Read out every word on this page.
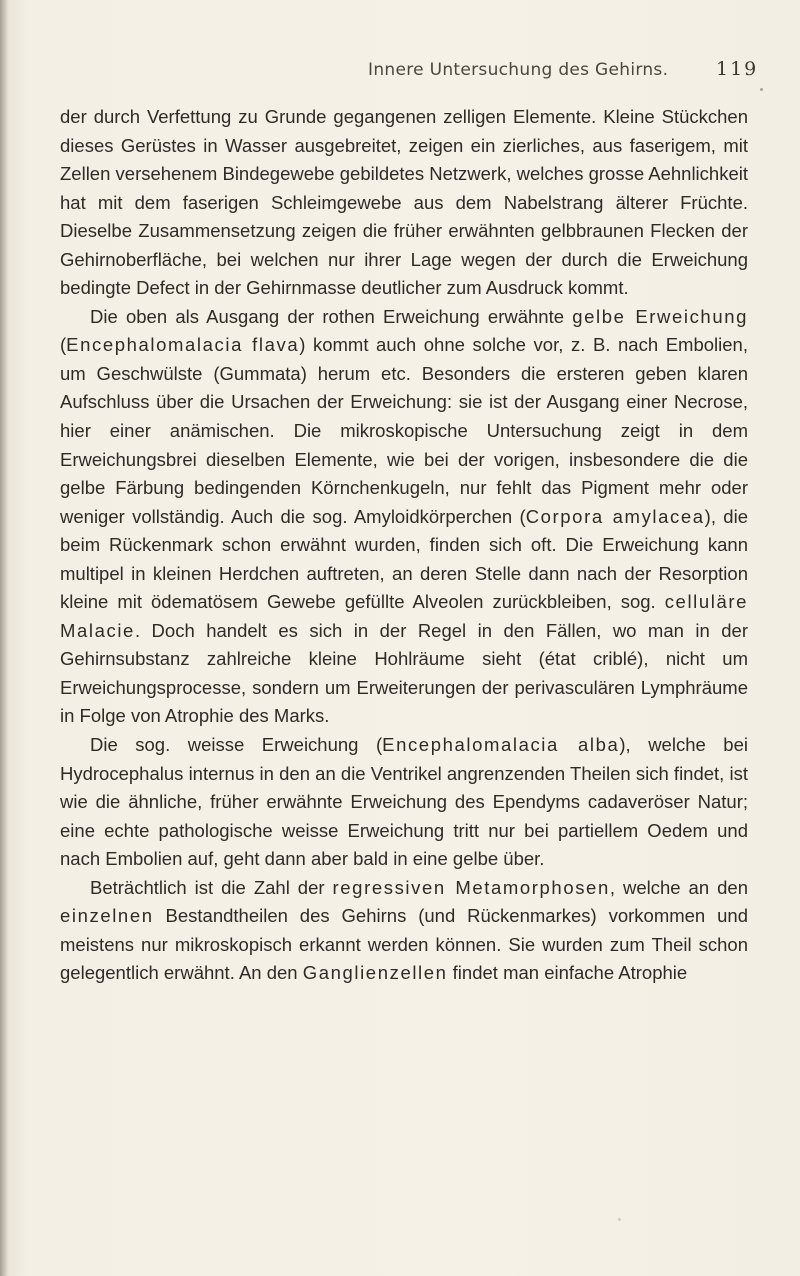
Innere Untersuchung des Gehirns.	119

der durch Verfettung zu Grunde gegangenen zelligen Elemente. Kleine Stückchen dieses Gerüstes in Wasser ausgebreitet, zeigen ein zierliches, aus faserigem, mit Zellen versehenem Bindegewebe gebildetes Netzwerk, welches grosse Aehnlichkeit hat mit dem faserigen Schleimgewebe aus dem Nabelstrang älterer Früchte. Dieselbe Zusammensetzung zeigen die früher erwähnten gelbbraunen Flecken der Gehirnoberfläche, bei welchen nur ihrer Lage wegen der durch die Erweichung bedingte Defect in der Gehirnmasse deutlicher zum Ausdruck kommt.

Die oben als Ausgang der rothen Erweichung erwähnte gelbe Erweichung (Encephalomalacia flava) kommt auch ohne solche vor, z. B. nach Embolien, um Geschwülste (Gummata) herum etc. Besonders die ersteren geben klaren Aufschluss über die Ursachen der Erweichung: sie ist der Ausgang einer Necrose, hier einer anämischen. Die mikroskopische Untersuchung zeigt in dem Erweichungsbrei dieselben Elemente, wie bei der vorigen, insbesondere die die gelbe Färbung bedingenden Körnchenkugeln, nur fehlt das Pigment mehr oder weniger vollständig. Auch die sog. Amyloidkörperchen (Corpora amylacea), die beim Rückenmark schon erwähnt wurden, finden sich oft. Die Erweichung kann multipel in kleinen Herdchen auftreten, an deren Stelle dann nach der Resorption kleine mit ödematösem Gewebe gefüllte Alveolen zurückbleiben, sog. celluläre Malacie. Doch handelt es sich in der Regel in den Fällen, wo man in der Gehirnsubstanz zahlreiche kleine Hohlräume sieht (état criblé), nicht um Erweichungsprocesse, sondern um Erweiterungen der perivasculären Lymphräume in Folge von Atrophie des Marks.

Die sog. weisse Erweichung (Encephalomalacia alba), welche bei Hydrocephalus internus in den an die Ventrikel angrenzenden Theilen sich findet, ist wie die ähnliche, früher erwähnte Erweichung des Ependyms cadaveröser Natur; eine echte pathologische weisse Erweichung tritt nur bei partiellem Oedem und nach Embolien auf, geht dann aber bald in eine gelbe über.

Beträchtlich ist die Zahl der regressiven Metamorphosen, welche an den einzelnen Bestandtheilen des Gehirns (und Rückenmarkes) vorkommen und meistens nur mikroskopisch erkannt werden können. Sie wurden zum Theil schon gelegentlich erwähnt. An den Ganglienzellen findet man einfache Atrophie
